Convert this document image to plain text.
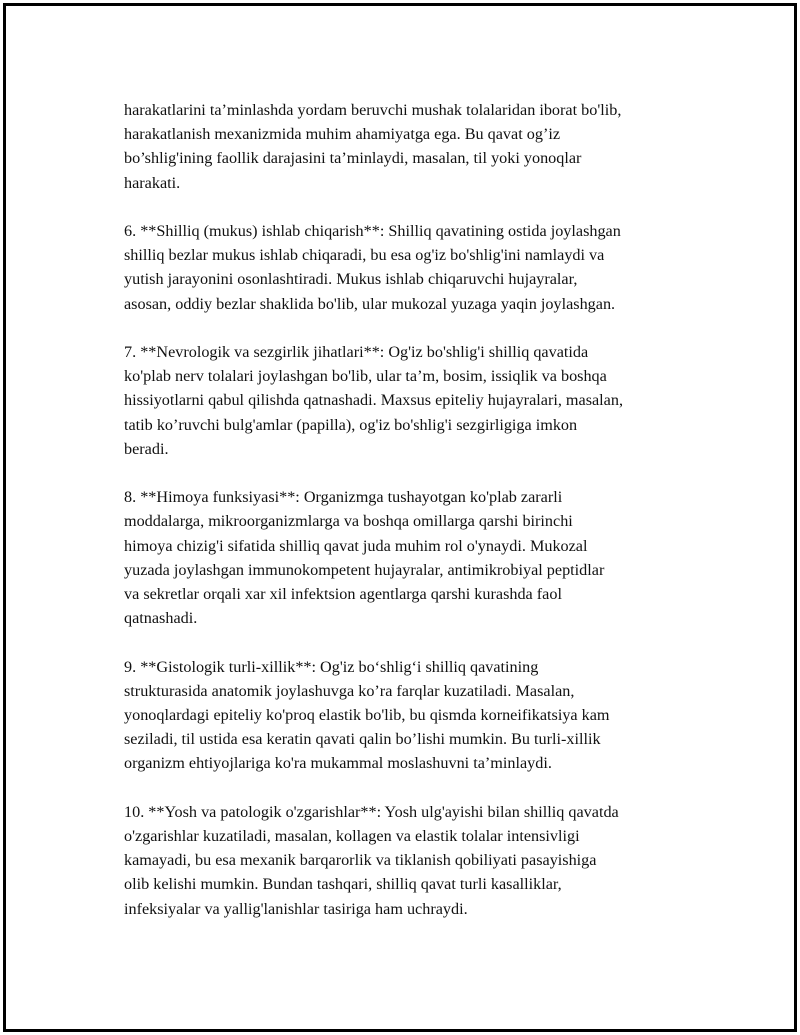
harakatlarini ta’minlashda yordam beruvchi mushak tolalaridan iborat bo'lib,
harakatlanish mexanizmida muhim ahamiyatga ega. Bu qavat og’iz
bo’shlig'ining faollik darajasini ta’minlaydi, masalan, til yoki yonoqlar
harakati.

6. **Shilliq (mukus) ishlab chiqarish**: Shilliq qavatining ostida joylashgan
shilliq bezlar mukus ishlab chiqaradi, bu esa og'iz bo'shlig'ini namlaydi va
yutish jarayonini osonlashtiradi. Mukus ishlab chiqaruvchi hujayralar,
asosan, oddiy bezlar shaklida bo'lib, ular mukozal yuzaga yaqin joylashgan.

7. **Nevrologik va sezgirlik jihatlari**: Og'iz bo'shlig'i shilliq qavatida
ko'plab nerv tolalari joylashgan bo'lib, ular ta’m, bosim, issiqlik va boshqa
hissiyotlarni qabul qilishda qatnashadi. Maxsus epiteliy hujayralari, masalan,
tatib ko’ruvchi bulg'amlar (papilla), og'iz bo'shlig'i sezgirligiga imkon
beradi.

8. **Himoya funksiyasi**: Organizmga tushayotgan ko'plab zararli
moddalarga, mikroorganizmlarga va boshqa omillarga qarshi birinchi
himoya chizig'i sifatida shilliq qavat juda muhim rol o'ynaydi. Mukozal
yuzada joylashgan immunokompetent hujayralar, antimikrobiyal peptidlar
va sekretlar orqali xar xil infektsion agentlarga qarshi kurashda faol
qatnashadi.

9. **Gistologik turli-xillik**: Og'iz bo‘shlig‘i shilliq qavatining
strukturasida anatomik joylashuvga ko’ra farqlar kuzatiladi. Masalan,
yonoqlardagi epiteliy ko'proq elastik bo'lib, bu qismda korneifikatsiya kam
seziladi, til ustida esa keratin qavati qalin bo’lishi mumkin. Bu turli-xillik
organizm ehtiyojlariga ko'ra mukammal moslashuvni ta’minlaydi.

10. **Yosh va patologik o'zgarishlar**: Yosh ulg'ayishi bilan shilliq qavatda
o'zgarishlar kuzatiladi, masalan, kollagen va elastik tolalar intensivligi
kamayadi, bu esa mexanik barqarorlik va tiklanish qobiliyati pasayishiga
olib kelishi mumkin. Bundan tashqari, shilliq qavat turli kasalliklar,
infeksiyalar va yallig'lanishlar tasiriga ham uchraydi.
